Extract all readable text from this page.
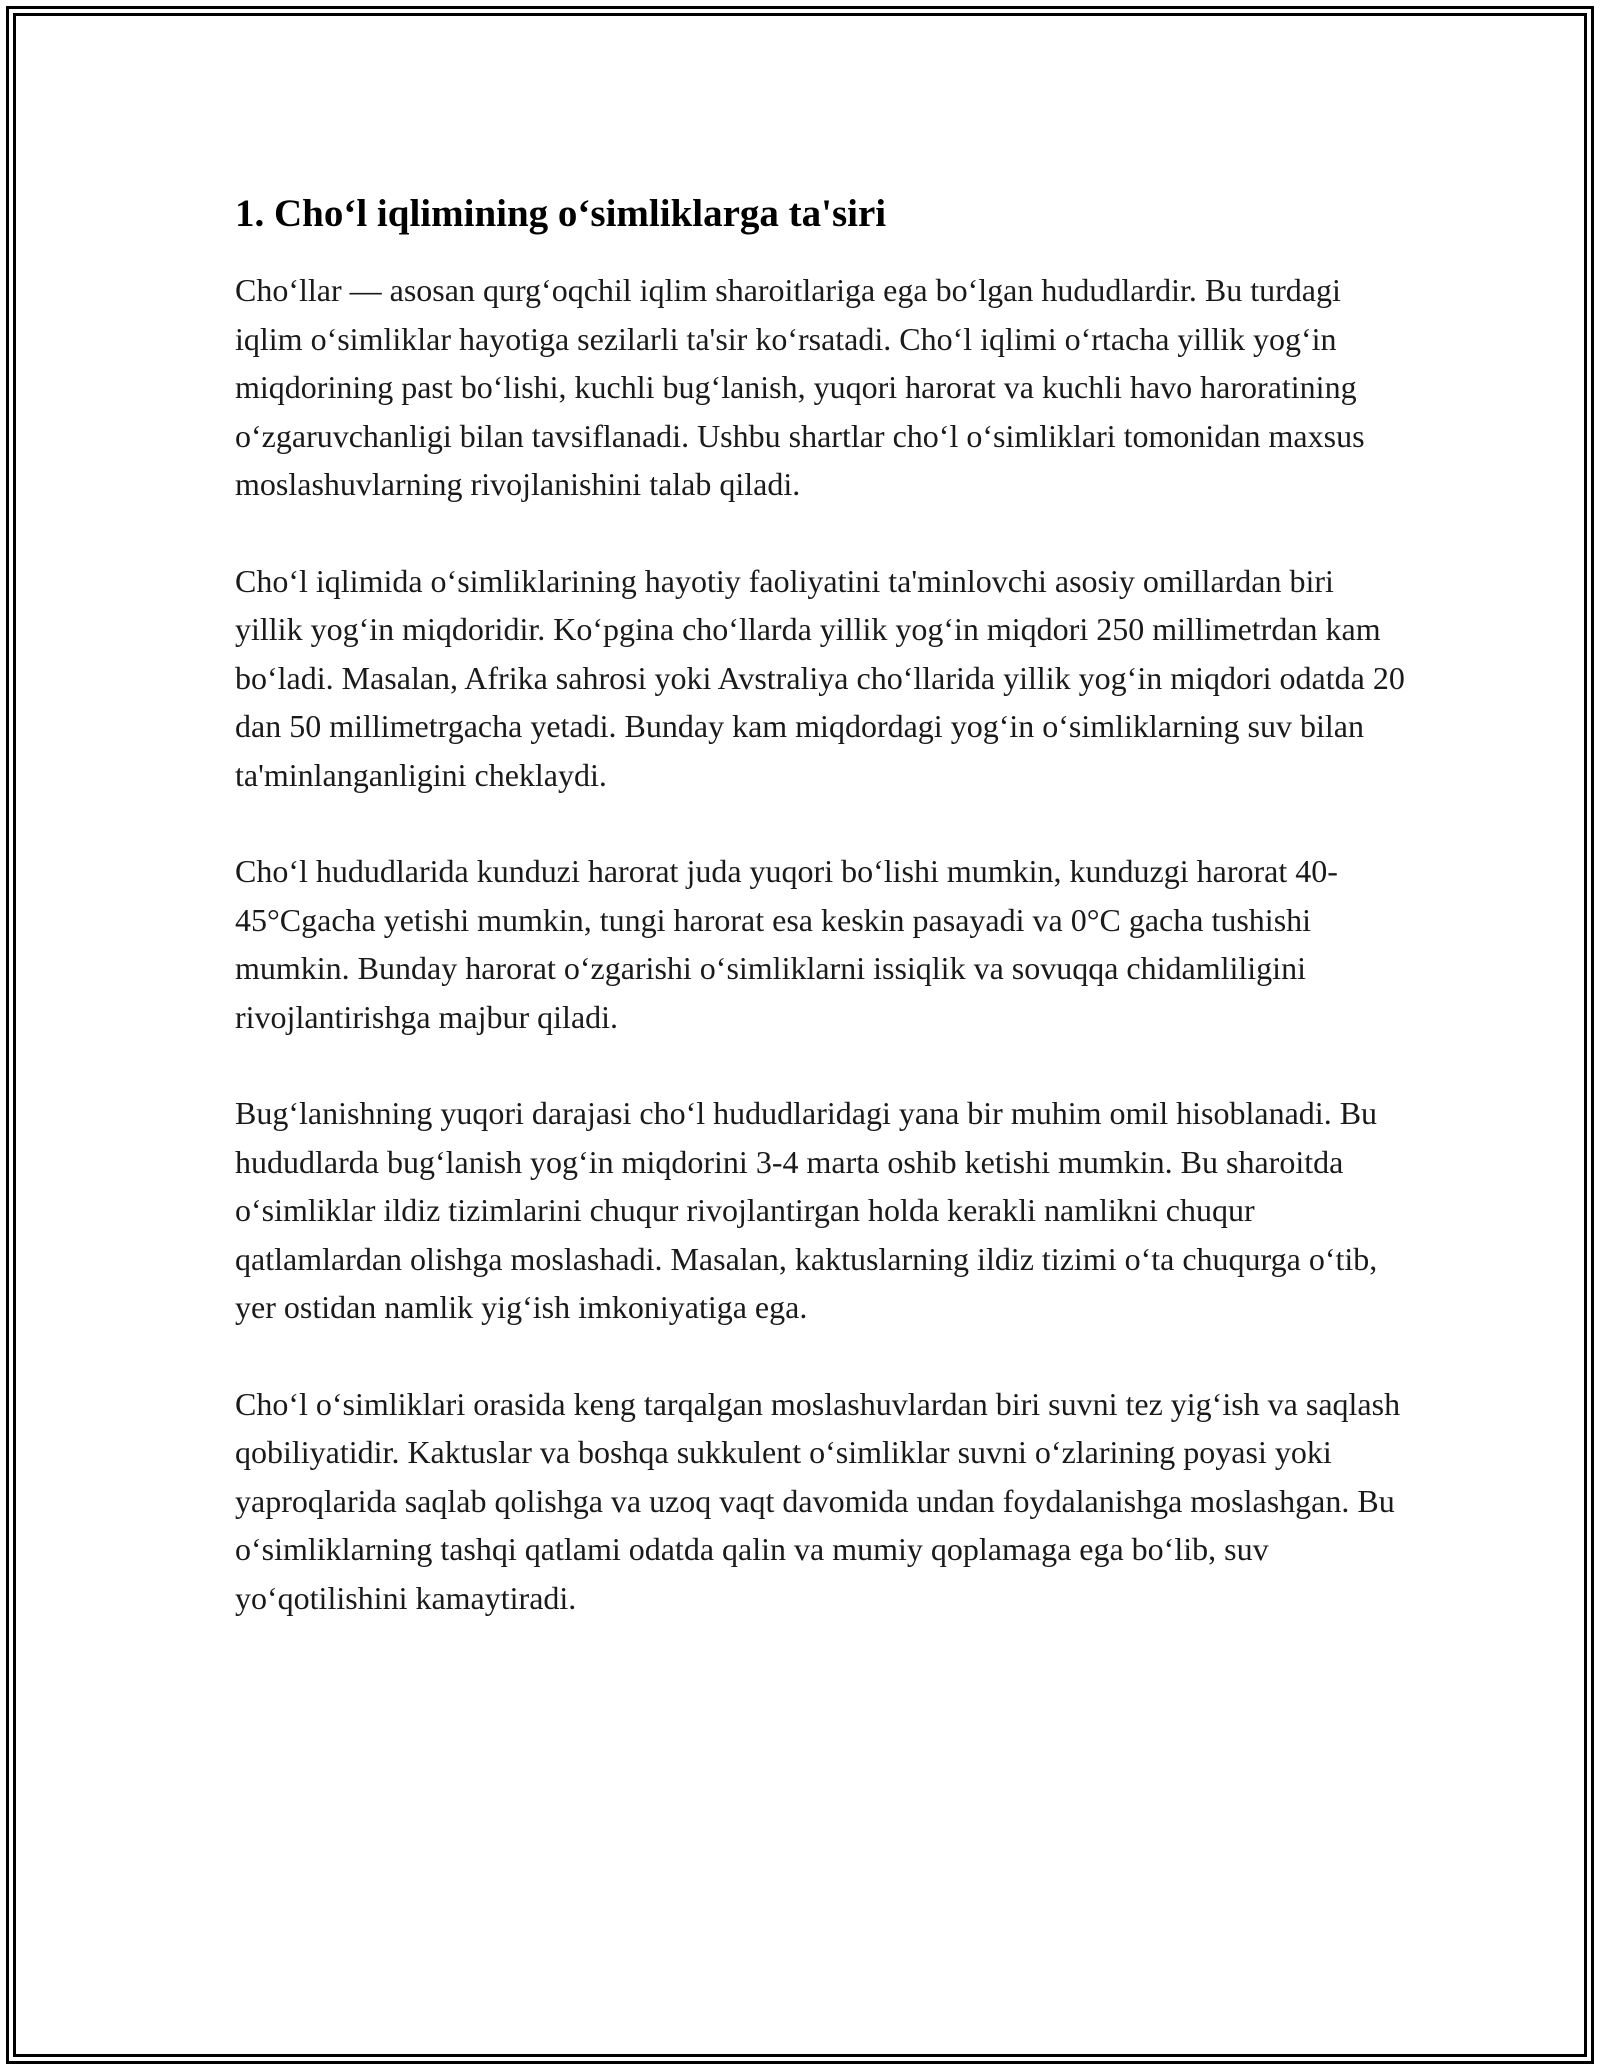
1. Cho‘l iqlimining o‘simliklarga ta'siri

Cho‘llar — asosan qurg‘oqchil iqlim sharoitlariga ega bo‘lgan hududlardir. Bu turdagi iqlim o‘simliklar hayotiga sezilarli ta'sir ko‘rsatadi. Cho‘l iqlimi o‘rtacha yillik yog‘in miqdorining past bo‘lishi, kuchli bug‘lanish, yuqori harorat va kuchli havo haroratining o‘zgaruvchanligi bilan tavsiflanadi. Ushbu shartlar cho‘l o‘simliklari tomonidan maxsus moslashuvlarning rivojlanishini talab qiladi.

Cho‘l iqlimida o‘simliklarining hayotiy faoliyatini ta'minlovchi asosiy omillardan biri yillik yog‘in miqdoridir. Ko‘pgina cho‘llarda yillik yog‘in miqdori 250 millimetrdan kam bo‘ladi. Masalan, Afrika sahrosi yoki Avstraliya cho‘llarida yillik yog‘in miqdori odatda 20 dan 50 millimetrgacha yetadi. Bunday kam miqdordagi yog‘in o‘simliklarning suv bilan ta'minlanganligini cheklaydi.

Cho‘l hududlarida kunduzi harorat juda yuqori bo‘lishi mumkin, kunduzgi harorat 40-45°Cgacha yetishi mumkin, tungi harorat esa keskin pasayadi va 0°C gacha tushishi mumkin. Bunday harorat o‘zgarishi o‘simliklarni issiqlik va sovuqqa chidamliligini rivojlantirishga majbur qiladi.

Bug‘lanishning yuqori darajasi cho‘l hududlaridagi yana bir muhim omil hisoblanadi. Bu hududlarda bug‘lanish yog‘in miqdorini 3-4 marta oshib ketishi mumkin. Bu sharoitda o‘simliklar ildiz tizimlarini chuqur rivojlantirgan holda kerakli namlikni chuqur qatlamlardan olishga moslashadi. Masalan, kaktuslarning ildiz tizimi o‘ta chuqurga o‘tib, yer ostidan namlik yig‘ish imkoniyatiga ega.

Cho‘l o‘simliklari orasida keng tarqalgan moslashuvlardan biri suvni tez yig‘ish va saqlash qobiliyatidir. Kaktuslar va boshqa sukkulent o‘simliklar suvni o‘zlarining poyasi yoki yaproqlarida saqlab qolishga va uzoq vaqt davomida undan foydalanishga moslashgan. Bu o‘simliklarning tashqi qatlami odatda qalin va mumiy qoplamaga ega bo‘lib, suv yo‘qotilishini kamaytiradi.
